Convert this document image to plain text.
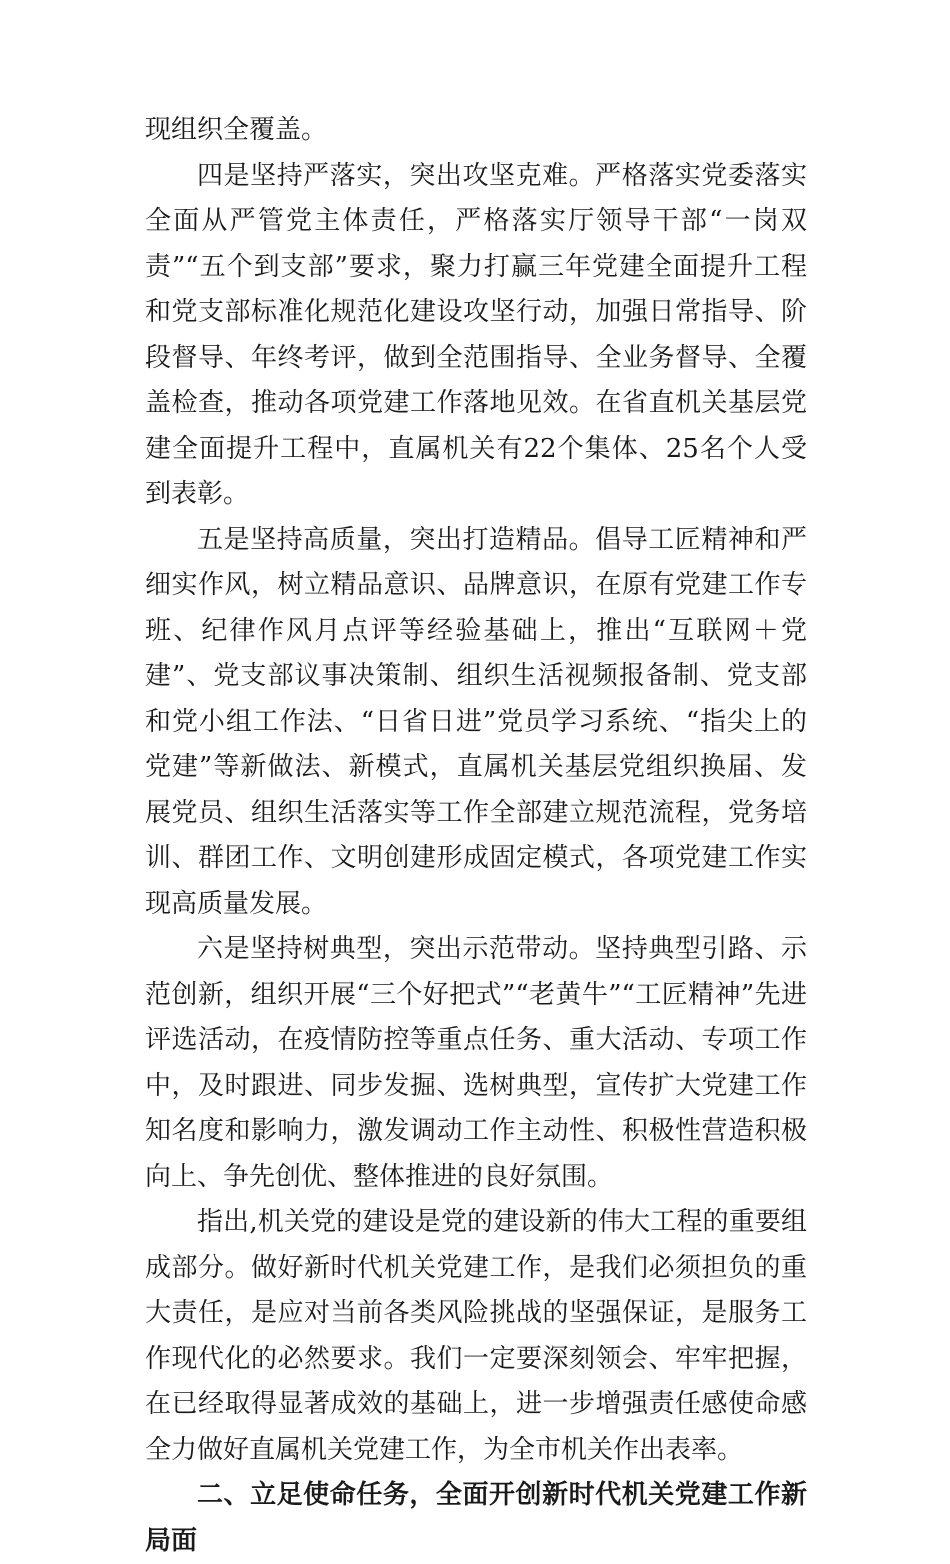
现组织全覆盖。

四是坚持严落实，突出攻坚克难。严格落实党委落实全面从严管党主体责任，严格落实厅领导干部“一岗双责”“五个到支部”要求，聚力打赢三年党建全面提升工程和党支部标准化规范化建设攻坚行动，加强日常指导、阶段督导、年终考评，做到全范围指导、全业务督导、全覆盖检查，推动各项党建工作落地见效。在省直机关基层党建全面提升工程中，直属机关有22个集体、25名个人受到表彰。

五是坚持高质量，突出打造精品。倡导工匠精神和严细实作风，树立精品意识、品牌意识，在原有党建工作专班、纪律作风月点评等经验基础上，推出“互联网＋党建”、党支部议事决策制、组织生活视频报备制、党支部和党小组工作法、“日省日进”党员学习系统、“指尖上的党建”等新做法、新模式，直属机关基层党组织换届、发展党员、组织生活落实等工作全部建立规范流程，党务培训、群团工作、文明创建形成固定模式，各项党建工作实现高质量发展。

六是坚持树典型，突出示范带动。坚持典型引路、示范创新，组织开展“三个好把式”“老黄牛”“工匠精神”先进评选活动，在疫情防控等重点任务、重大活动、专项工作中，及时跟进、同步发掘、选树典型，宣传扩大党建工作知名度和影响力，激发调动工作主动性、积极性营造积极向上、争先创优、整体推进的良好氛围。

指出,机关党的建设是党的建设新的伟大工程的重要组成部分。做好新时代机关党建工作，是我们必须担负的重大责任，是应对当前各类风险挑战的坚强保证，是服务工作现代化的必然要求。我们一定要深刻领会、牢牢把握，在已经取得显著成效的基础上，进一步增强责任感使命感全力做好直属机关党建工作，为全市机关作出表率。

二、立足使命任务，全面开创新时代机关党建工作新局面
